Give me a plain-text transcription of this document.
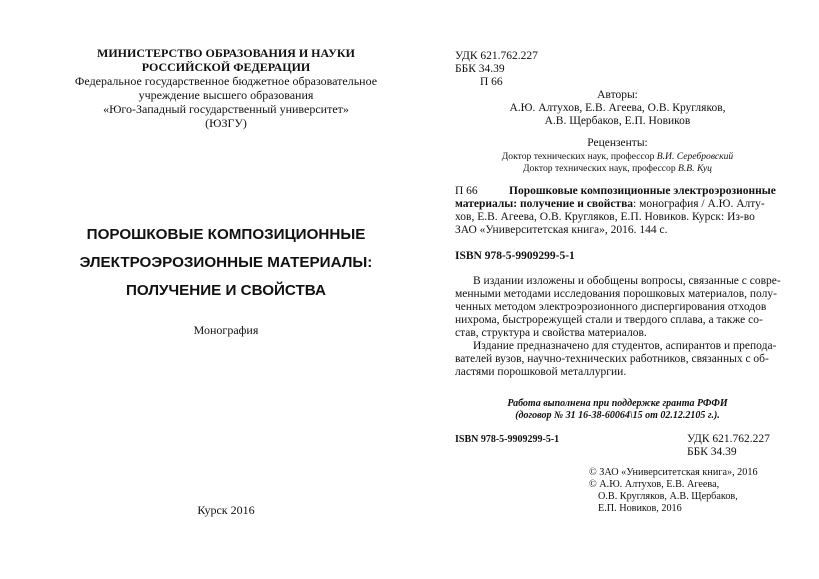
МИНИСТЕРСТВО ОБРАЗОВАНИЯ И НАУКИ
РОССИЙСКОЙ ФЕДЕРАЦИИ
Федеральное государственное бюджетное образовательное
учреждение высшего образования
«Юго-Западный государственный университет»
(ЮЗГУ)
ПОРОШКОВЫЕ КОМПОЗИЦИОННЫЕ
ЭЛЕКТРОЭРОЗИОННЫЕ МАТЕРИАЛЫ:
ПОЛУЧЕНИЕ И СВОЙСТВА
Монография
Курск 2016
УДК 621.762.227
ББК 34.39
П 66
Авторы:
А.Ю. Алтухов, Е.В. Агеева, О.В. Кругляков,
А.В. Щербаков, Е.П. Новиков
Рецензенты:
Доктор технических наук, профессор В.И. Серебровский
Доктор технических наук, профессор В.В. Куц
П 66	Порошковые композиционные электроэрозионные
материалы: получение и свойства: монография / А.Ю. Алту-
хов, Е.В. Агеева, О.В. Кругляков, Е.П. Новиков. Курск: Из-во
ЗАО «Университетская книга», 2016. 144 с.
ISBN 978-5-9909299-5-1
В издании изложены и обобщены вопросы, связанные с совре-
менными методами исследования порошковых материалов, полу-
ченных методом электроэрозионного диспергирования отходов
нихрома, быстрорежущей стали и твердого сплава, а также со-
став, структура и свойства материалов.
Издание предназначено для студентов, аспирантов и препода-
вателей вузов, научно-технических работников, связанных с об-
ластями порошковой металлургии.
Работа выполнена при поддержке гранта РФФИ
(договор № 31 16-38-60064\15 от 02.12.2105 г.).
ISBN 978-5-9909299-5-1	УДК 621.762.227
ББК 34.39
© ЗАО «Университетская книга», 2016
© А.Ю. Алтухов, Е.В. Агеева,
О.В. Кругляков, А.В. Щербаков,
Е.П. Новиков, 2016
